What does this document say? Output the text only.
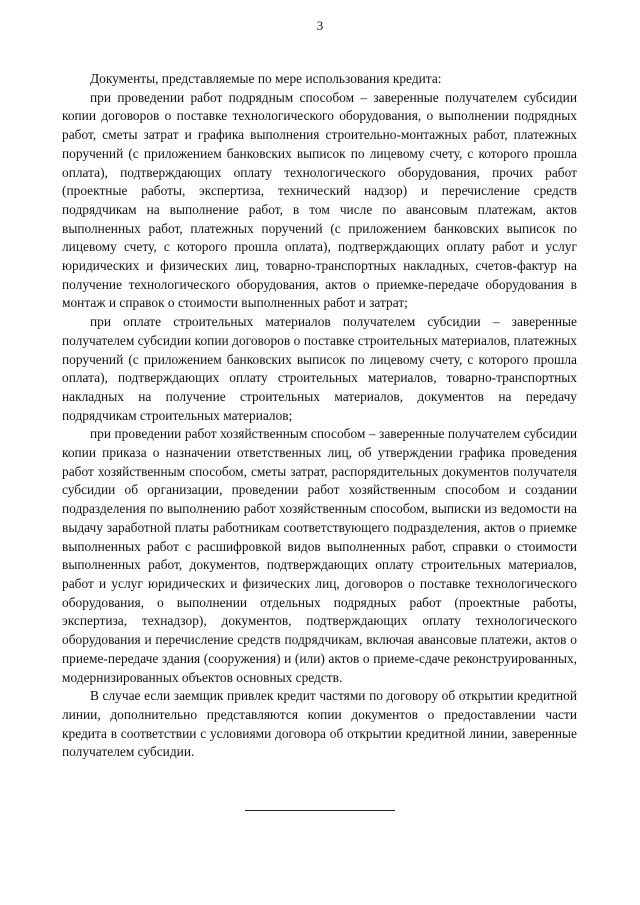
3

Документы, представляемые по мере использования кредита:

при проведении работ подрядным способом – заверенные получателем субсидии копии договоров о поставке технологического оборудования, о выполнении подрядных работ, сметы затрат и графика выполнения строительно-монтажных работ, платежных поручений (с приложением банковских выписок по лицевому счету, с которого прошла оплата), подтверждающих оплату технологического оборудования, прочих работ (проектные работы, экспертиза, технический надзор) и перечисление средств подрядчикам на выполнение работ, в том числе по авансовым платежам, актов выполненных работ, платежных поручений (с приложением банковских выписок по лицевому счету, с которого прошла оплата), подтверждающих оплату работ и услуг юридических и физических лиц, товарно-транспортных накладных, счетов-фактур на получение технологического оборудования, актов о приемке-передаче оборудования в монтаж и справок о стоимости выполненных работ и затрат;

при оплате строительных материалов получателем субсидии – заверенные получателем субсидии копии договоров о поставке строительных материалов, платежных поручений (с приложением банковских выписок по лицевому счету, с которого прошла оплата), подтверждающих оплату строительных материалов, товарно-транспортных накладных на получение строительных материалов, документов на передачу подрядчикам строительных материалов;

при проведении работ хозяйственным способом – заверенные получателем субсидии копии приказа о назначении ответственных лиц, об утверждении графика проведения работ хозяйственным способом, сметы затрат, распорядительных документов получателя субсидии об организации, проведении работ хозяйственным способом и создании подразделения по выполнению работ хозяйственным способом, выписки из ведомости на выдачу заработной платы работникам соответствующего подразделения, актов о приемке выполненных работ с расшифровкой видов выполненных работ, справки о стоимости выполненных работ, документов, подтверждающих оплату строительных материалов, работ и услуг юридических и физических лиц, договоров о поставке технологического оборудования, о выполнении отдельных подрядных работ (проектные работы, экспертиза, технадзор), документов, подтверждающих оплату технологического оборудования и перечисление средств подрядчикам, включая авансовые платежи, актов о приеме-передаче здания (сооружения) и (или) актов о приеме-сдаче реконструированных, модернизированных объектов основных средств.

В случае если заемщик привлек кредит частями по договору об открытии кредитной линии, дополнительно представляются копии документов о предоставлении части кредита в соответствии с условиями договора об открытии кредитной линии, заверенные получателем субсидии.
